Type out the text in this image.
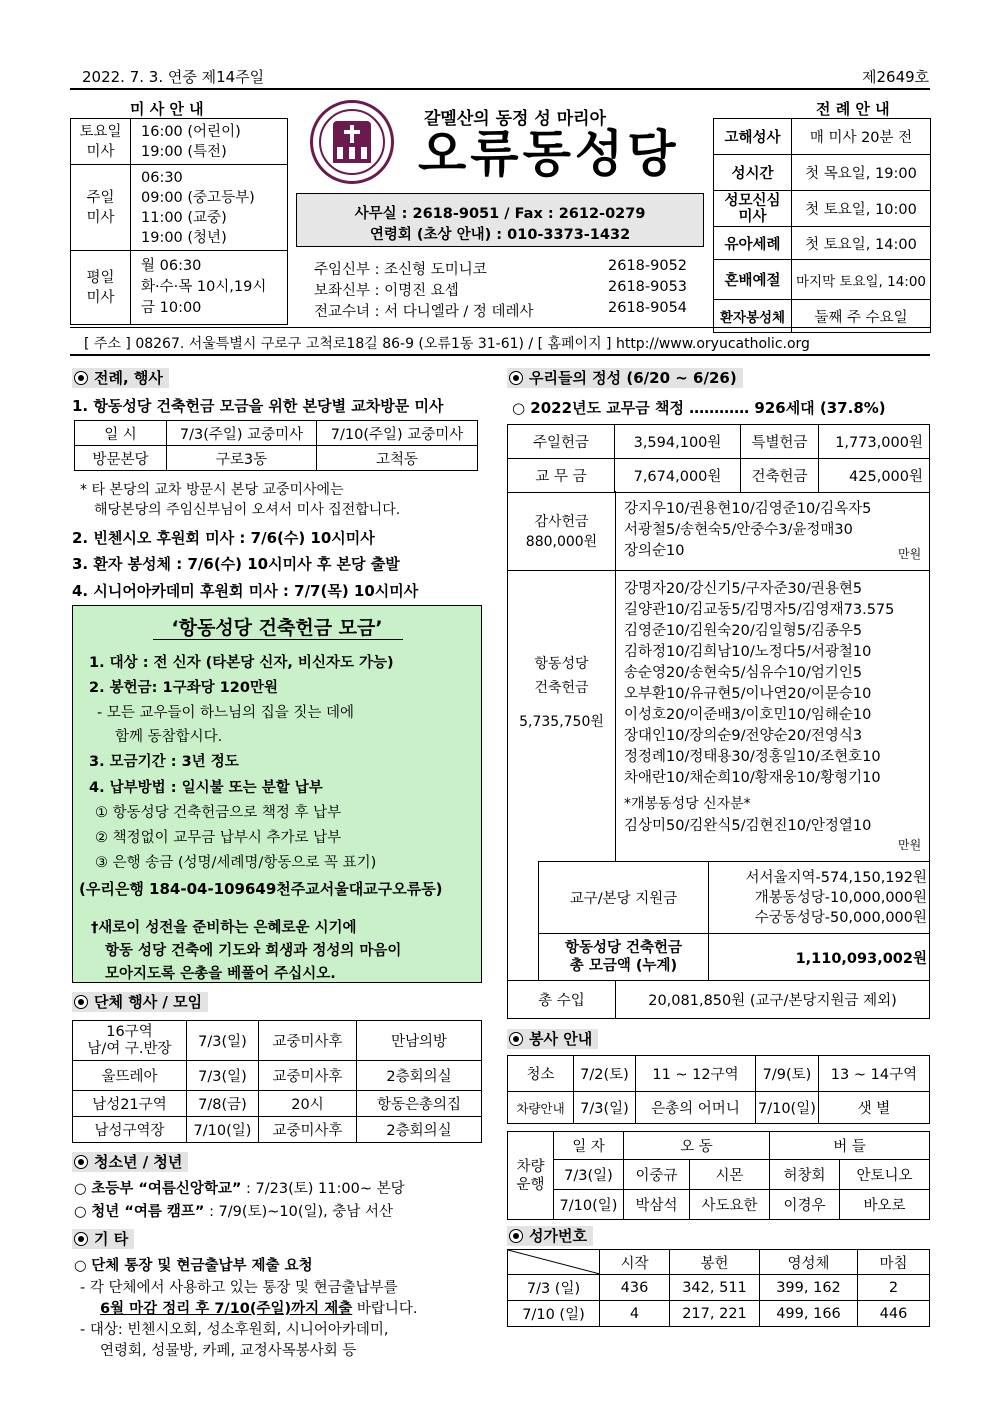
2022. 7. 3. 연중 제14주일	제2649호
미 사 안 내
토요일
미사	16:00 (어린이)
19:00 (특전)
주일
미사	06:30
09:00 (중고등부)
11:00 (교중)
19:00 (청년)
평일
미사	월 06:30
화·수·목 10시,19시
금 10:00
갈멜산의 동정 성 마리아
오류동성당
사무실 : 2618-9051 / Fax : 2612-0279
연령회 (초상 안내) : 010-3373-1432
주임신부 : 조신형 도미니코	2618-9052
보좌신부 : 이명진 요셉	2618-9053
전교수녀 : 서 다니엘라 / 정 데레사	2618-9054
전 례 안 내
고해성사	매 미사 20분 전
성시간	첫 목요일, 19:00
성모신심
미사	첫 토요일, 10:00
유아세례	첫 토요일, 14:00
혼배예절	마지막 토요일, 14:00
환자봉성체	둘째 주 수요일
[ 주소 ] 08267. 서울특별시 구로구 고척로18길 86-9 (오류1동 31-61) / [ 홈페이지 ] http://www.oryucatholic.org
전례, 행사
1. 항동성당 건축헌금 모금을 위한 본당별 교차방문 미사
일 시	7/3(주일) 교중미사	7/10(주일) 교중미사
방문본당	구로3동	고척동
* 타 본당의 교차 방문시 본당 교중미사에는
해당본당의 주임신부님이 오셔서 미사 집전합니다.
2. 빈첸시오 후원회 미사 : 7/6(수) 10시미사
3. 환자 봉성체 : 7/6(수) 10시미사 후 본당 출발
4. 시니어아카데미 후원회 미사 : 7/7(목) 10시미사
‘항동성당 건축헌금 모금’
1. 대상 : 전 신자 (타본당 신자, 비신자도 가능)
2. 봉헌금: 1구좌당 120만원
- 모든 교우들이 하느님의 집을 짓는 데에
함께 동참합시다.
3. 모금기간 : 3년 정도
4. 납부방법 : 일시불 또는 분할 납부
① 항동성당 건축헌금으로 책정 후 납부
② 책정없이 교무금 납부시 추가로 납부
③ 은행 송금 (성명/세례명/항동으로 꼭 표기)
(우리은행 184-04-109649천주교서울대교구오류동)
†새로이 성전을 준비하는 은혜로운 시기에
항동 성당 건축에 기도와 희생과 정성의 마음이
모아지도록 은총을 베풀어 주십시오.
단체 행사 / 모임
16구역
남/여 구.반장	7/3(일)	교중미사후	만남의방
울뜨레아	7/3(일)	교중미사후	2층회의실
남성21구역	7/8(금)	20시	항동은총의집
남성구역장	7/10(일)	교중미사후	2층회의실
청소년 / 청년
○ 초등부 “여름신앙학교” : 7/23(토) 11:00~ 본당
○ 청년 “여름 캠프” : 7/9(토)~10(일), 충남 서산
기 타
○ 단체 통장 및 현금출납부 제출 요청
- 각 단체에서 사용하고 있는 통장 및 현금출납부를
6월 마감 정리 후 7/10(주일)까지 제출 바랍니다.
- 대상: 빈첸시오회, 성소후원회, 시니어아카데미,
연령회, 성물방, 카페, 교정사목봉사회 등
우리들의 정성 (6/20 ~ 6/26)
○ 2022년도 교무금 책정 ………… 926세대 (37.8%)
주일헌금	3,594,100원	특별헌금	1,773,000원
교 무 금	7,674,000원	건축헌금	425,000원
감사헌금
880,000원
강지우10/권용현10/김영준10/김옥자5
서광철5/송현숙5/안중수3/윤정매30
장의순10	만원
항동성당
건축헌금
5,735,750원
강명자20/강신기5/구자준30/권용현5
길양관10/김교동5/김명자5/김영재73.575
김영준10/김원숙20/김일형5/김종우5
김하정10/김희남10/노정다5/서광철10
송순영20/송현숙5/심유수10/엄기인5
오부환10/유규현5/이나연20/이문승10
이성호20/이준배3/이호민10/임해순10
장대인10/장의순9/전양순20/전영식3
정정례10/정태용30/정홍일10/조현호10
차애란10/채순희10/황재웅10/황형기10
*개봉동성당 신자분*
김상미50/김완식5/김현진10/안정열10
만원
교구/본당 지원금	서서울지역-574,150,192원
개봉동성당-10,000,000원
수궁동성당-50,000,000원

항동성당 건축헌금
총 모금액 (누계)	1,110,093,002원
총 수입	20,081,850원 (교구/본당지원금 제외)
봉사 안내
청소	7/2(토)	11 ~ 12구역	7/9(토)	13 ~ 14구역
차량안내	7/3(일)	은총의 어머니	7/10(일)	샛 별
차량
운행	일 자	오 동		버 들	
	7/3(일)	이중규	시몬	허창회	안토니오
	7/10(일)	박삼석	사도요한	이경우	바오로
성가번호
	시작	봉헌	영성체	마침
7/3 (일)	436	342, 511	399, 162	2
7/10 (일)	4	217, 221	499, 166	446
